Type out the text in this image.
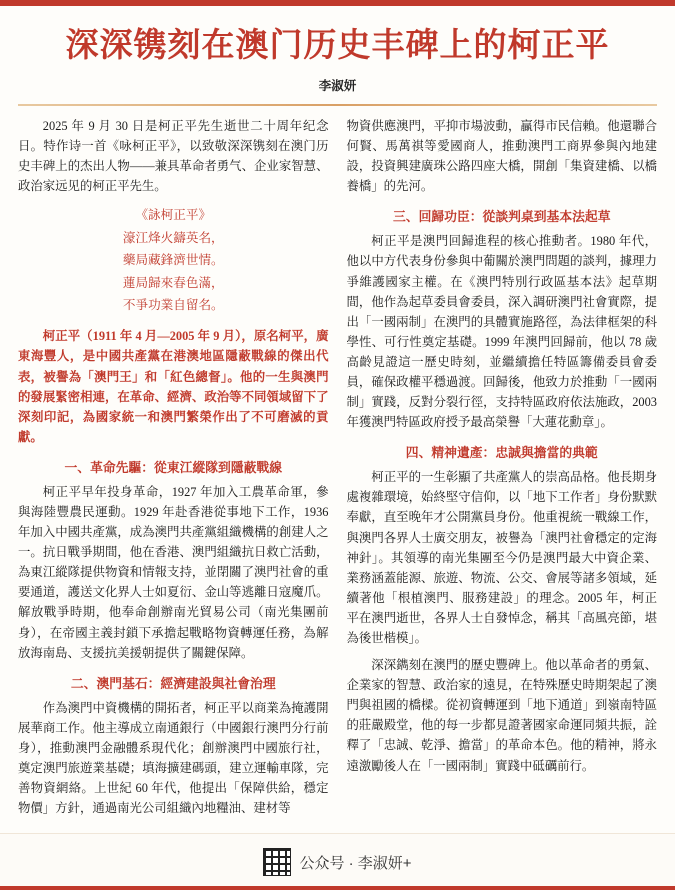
深深镌刻在澳门历史丰碑上的柯正平
李淑妍

2025 年 9 月 30 日是柯正平先生逝世二十周年纪念日。特作诗一首《咏柯正平》，以致敬深深镌刻在澳门历史丰碑上的杰出人物——兼具革命者勇气、企业家智慧、政治家远见的柯正平先生。

《詠柯正平》
濠江烽火鑄英名，
藥局藏鋒濟世情。
蓮局歸來春色滿，
不爭功業自留名。

柯正平（1911 年 4 月—2005 年 9 月），原名柯平，廣東海豐人，是中國共產黨在港澳地區隱蔽戰線的傑出代表，被譽為「澳門王」和「紅色總督」。他的一生與澳門的發展緊密相連，在革命、經濟、政治等不同領域留下了深刻印記，為國家統一和澳門繁榮作出了不可磨滅的貢獻。

一、革命先驅：從東江縱隊到隱蔽戰線

柯正平早年投身革命，1927 年加入工農革命軍，參與海陸豐農民運動。1929 年赴香港從事地下工作，1936 年加入中國共產黨，成為澳門共產黨組織機構的創建人之一。抗日戰爭期間，他在香港、澳門組織抗日救亡活動，為東江縱隊提供物資和情報支持，並閉關了澳門社會的重要通道，護送文化界人士如夏衍、金山等逃離日寇魔爪。解放戰爭時期，他奉命創辦南光貿易公司（南光集團前身），在帝國主義封鎖下承擔起戰略物資轉運任務，為解放海南島、支援抗美援朝提供了關鍵保障。

二、澳門基石：經濟建設與社會治理

作為澳門中資機構的開拓者，柯正平以商業為掩護開展華商工作。他主導成立南通銀行（中國銀行澳門分行前身），推動澳門金融體系現代化；創辦澳門中國旅行社，奠定澳門旅遊業基礎；填海擴建碼頭，建立運輸車隊，完善物資網絡。上世紀 60 年代，他提出「保障供給，穩定物價」方針，通過南光公司組織內地糧油、建材等

物資供應澳門，平抑市場波動，贏得市民信賴。他還聯合何賢、馬萬祺等愛國商人，推動澳門工商界參與內地建設，投資興建廣珠公路四座大橋，開創「集資建橋、以橋養橋」的先河。

三、回歸功臣：從談判桌到基本法起草

柯正平是澳門回歸進程的核心推動者。1980 年代，他以中方代表身份參與中葡關於澳門問題的談判，據理力爭維護國家主權。在《澳門特別行政區基本法》起草期間，他作為起草委員會委員，深入調研澳門社會實際，提出「一國兩制」在澳門的具體實施路徑，為法律框架的科學性、可行性奠定基礎。1999 年澳門回歸前，他以 78 歲高齡見證這一歷史時刻，並繼續擔任特區籌備委員會委員，確保政權平穩過渡。回歸後，他致力於推動「一國兩制」實踐，反對分裂行徑，支持特區政府依法施政，2003 年獲澳門特區政府授予最高榮譽「大蓮花勳章」。

四、精神遺產：忠誠與擔當的典範

柯正平的一生彰顯了共產黨人的崇高品格。他長期身處複雜環境，始終堅守信仰，以「地下工作者」身份默默奉獻，直至晚年才公開黨員身份。他重視統一戰線工作，與澳門各界人士廣交朋友，被譽為「澳門社會穩定的定海神針」。其領導的南光集團至今仍是澳門最大中資企業、業務涵蓋能源、旅遊、物流、公交、會展等諸多領域，延續著他「根植澳門、服務建設」的理念。2005 年，柯正平在澳門逝世，各界人士自發悼念，稱其「高風亮節，堪為後世楷模」。

深深鐫刻在澳門的歷史豐碑上。他以革命者的勇氣、企業家的智慧、政治家的遠見，在特殊歷史時期架起了澳門與祖國的橋樑。從初資轉運到「地下通道」到嶺南特區的莊嚴殿堂，他的每一步都見證著國家命運同頻共振，詮釋了「忠誠、乾淨、擔當」的革命本色。他的精神，將永遠激勵後人在「一國兩制」實踐中砥礪前行。

公众号 · 李淑妍+
